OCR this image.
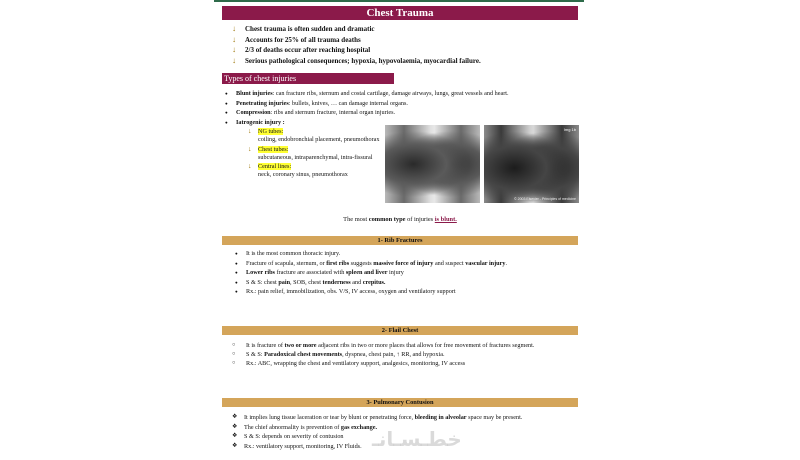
Chest Trauma
↓ Chest trauma is often sudden and dramatic
↓ Accounts for 25% of all trauma deaths
↓ 2/3 of deaths occur after reaching hospital
↓ Serious pathological consequences; hypoxia, hypovolaemia, myocardial failure.
Types of chest injuries
● Blunt injuries: can fracture ribs, sternum and costal cartilage, damage airways, lungs, great vessels and heart.
● Penetrating injuries: bullets, knives, … can damage internal organs.
● Compression: ribs and sternum fracture, internal organ injuries.
● Iatrogenic injury :
↓ NG tubes:
coiling, endobronchial placement, pneumothorax
↓ Chest tubes:
subcutaneous, intraparenchymal, intra-fissural
↓ Central lines:
neck, coronary sinus, pneumothorax
Img 1b
© 2003 Elsevier - Principles of medicine
The most common type of injuries is blunt.
1- Rib Fractures
● It is the most common thoracic injury.
● Fracture of scapula, sternum, or first ribs suggests massive force of injury and suspect vascular injury.
● Lower ribs fracture are associated with spleen and liver injury
● S & S: chest pain, SOB, chest tenderness and crepitus.
● Rx.: pain relief, immobilization, obs. V/S, IV access, oxygen and ventilatory support
2- Flail Chest
○ It is fracture of two or more adjacent ribs in two or more places that allows for free movement of fractures segment.
○ S & S: Paradoxical chest movements, dyspnea, chest pain, ↑ RR, and hypoxia.
○ Rx.: ABC, wrapping the chest and ventilatory support, analgesics, monitoring, IV access
3- Pulmonary Contusion
❖ It implies lung tissue laceration or tear by blunt or penetrating force, bleeding in alveolar space may be present.
❖ The chief abnormality is prevention of gas exchange.
❖ S & S: depends on severity of contusion
❖ Rx.: ventilatory support, monitoring, IV Fluids. خطـسـانـ
